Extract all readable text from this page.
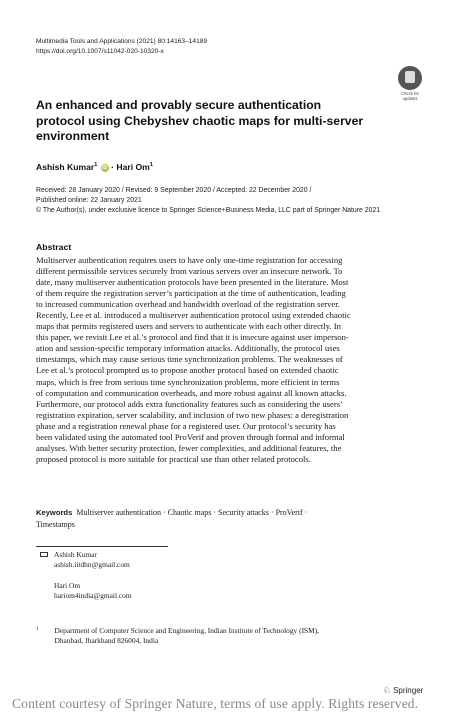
Multimedia Tools and Applications (2021) 80:14163–14189
https://doi.org/10.1007/s11042-020-10320-x
Check for
updates
An enhanced and provably secure authentication protocol using Chebyshev chaotic maps for multi-server environment
Ashish Kumar$^1$ iD · Hari Om$^1$
Received: 28 January 2020 / Revised: 9 September 2020 / Accepted: 22 December 2020 /
Published online: 22 January 2021
© The Author(s), under exclusive licence to Springer Science+Business Media, LLC part of Springer Nature 2021
Abstract
Multiserver authentication requires users to have only one-time registration for accessing
different permissible services securely from various servers over an insecure network. To
date, many multiserver authentication protocols have been presented in the literature. Most
of them require the registration server’s participation at the time of authentication, leading
to increased communication overhead and bandwidth overload of the registration server.
Recently, Lee et al. introduced a multiserver authentication protocol using extended chaotic
maps that permits registered users and servers to authenticate with each other directly. In
this paper, we revisit Lee et al.’s protocol and find that it is insecure against user imperson-
ation and session-specific temporary information attacks. Additionally, the protocol uses
timestamps, which may cause serious time synchronization problems. The weaknesses of
Lee et al.’s protocol prompted us to propose another protocol based on extended chaotic
maps, which is free from serious time synchronization problems, more efficient in terms
of computation and communication overheads, and more robust against all known attacks.
Furthermore, our protocol adds extra functionality features such as considering the users’
registration expiration, server scalability, and inclusion of two new phases: a deregistration
phase and a registration renewal phase for a registered user. Our protocol’s security has
been validated using the automated tool ProVerif and proven through formal and informal
analyses. With better security protection, fewer complexities, and additional features, the
proposed protocol is more suitable for practical use than other related protocols.
Keywords Multiserver authentication · Chaotic maps · Security attacks · ProVerif ·
Timestamps
Ashish Kumar
ashish.iitdhn@gmail.com
Hari Om
hariom4india@gmail.com
$^1$ Department of Computer Science and Engineering, Indian Institute of Technology (ISM),
Dhanbad, Jharkhand 826004, India
♘ Springer
Content courtesy of Springer Nature, terms of use apply. Rights reserved.
